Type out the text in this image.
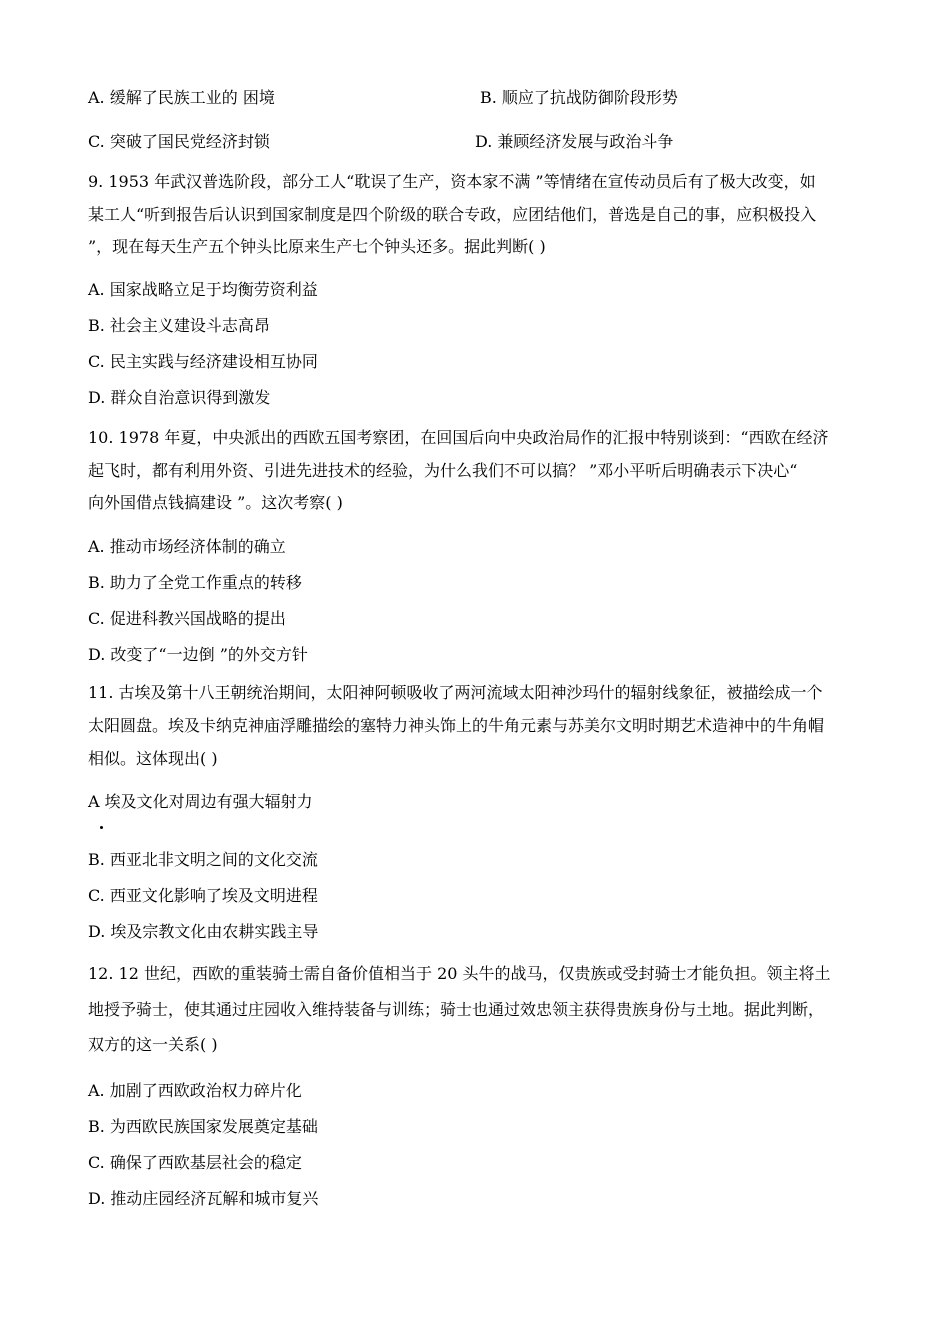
A. 缓解了民族工业的 困境	B. 顺应了抗战防御阶段形势
C. 突破了国民党经济封锁	D. 兼顾经济发展与政治斗争
9. 1953 年武汉普选阶段，部分工人“耽误了生产，资本家不满 ”等情绪在宣传动员后有了极大改变，如
某工人“听到报告后认识到国家制度是四个阶级的联合专政，应团结他们，普选是自己的事，应积极投入
”，现在每天生产五个钟头比原来生产七个钟头还多。据此判断( )
A. 国家战略立足于均衡劳资利益
B. 社会主义建设斗志高昂
C. 民主实践与经济建设相互协同
D. 群众自治意识得到激发
10. 1978 年夏，中央派出的西欧五国考察团，在回国后向中央政治局作的汇报中特别谈到：“西欧在经济
起飞时，都有利用外资、引进先进技术的经验，为什么我们不可以搞？ ”邓小平听后明确表示下决心“
向外国借点钱搞建设 ”。这次考察( )
A. 推动市场经济体制的确立
B. 助力了全党工作重点的转移
C. 促进科教兴国战略的提出
D. 改变了“一边倒 ”的外交方针
11. 古埃及第十八王朝统治期间，太阳神阿顿吸收了两河流域太阳神沙玛什的辐射线象征，被描绘成一个
太阳圆盘。埃及卡纳克神庙浮雕描绘的塞特力神头饰上的牛角元素与苏美尔文明时期艺术造神中的牛角帽
相似。这体现出( )
A 埃及文化对周边有强大辐射力
B. 西亚北非文明之间的文化交流
C. 西亚文化影响了埃及文明进程
D. 埃及宗教文化由农耕实践主导
12. 12 世纪，西欧的重装骑士需自备价值相当于 20 头牛的战马，仅贵族或受封骑士才能负担。领主将土
地授予骑士，使其通过庄园收入维持装备与训练；骑士也通过效忠领主获得贵族身份与土地。据此判断，
双方的这一关系( )
A. 加剧了西欧政治权力碎片化
B. 为西欧民族国家发展奠定基础
C. 确保了西欧基层社会的稳定
D. 推动庄园经济瓦解和城市复兴
